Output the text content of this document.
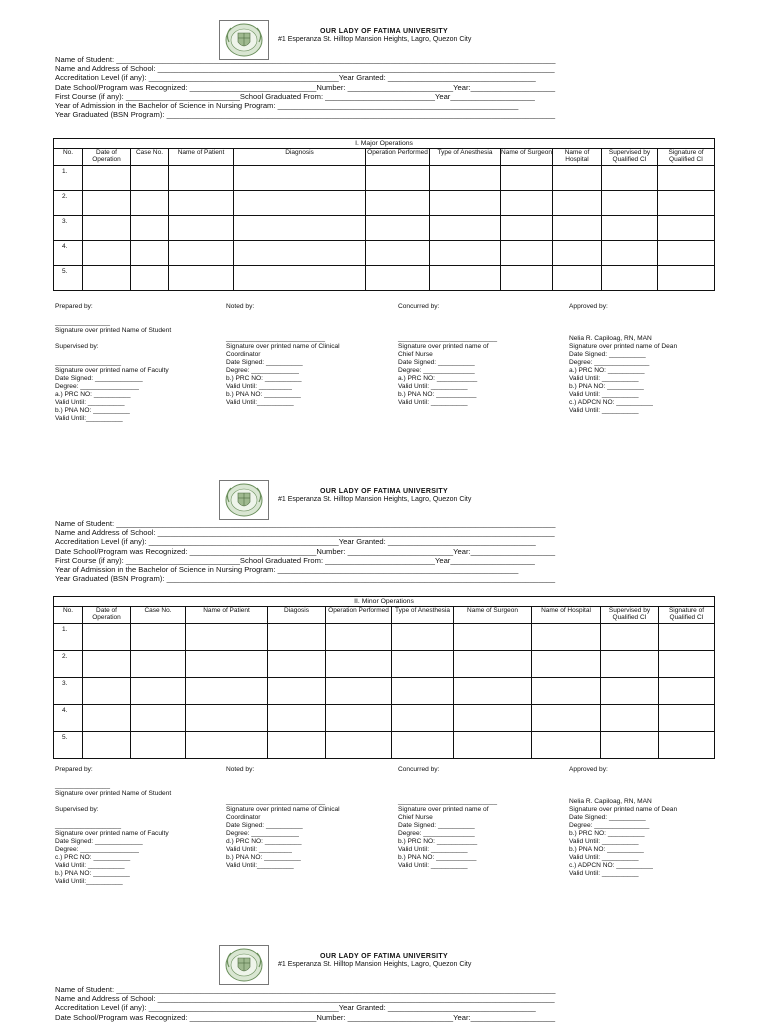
OUR LADY OF FATIMA UNIVERSITY
#1 Esperanza St. Hilltop Mansion Heights, Lagro, Quezon City
Name of Student: ________________________________________________________________________________________________________
Name and Address of School: ______________________________________________________________________________________________
Accreditation Level (if any): _____________________________________________Year Granted: ___________________________________
Date School/Program was Recognized: ______________________________Number: _________________________Year:____________________
First Course (if any): ___________________________School Graduated From: __________________________Year____________________
Year of Admission in the Bachelor of Science in Nursing Program: _________________________________________________________
Year Graduated (BSN Program): ____________________________________________________________________________________________
I. Major Operations										
No.	Date of Operation	Case No.	Name of Patient	Diagnosis	Operation Performed	Type of Anesthesia	Name of Surgeon	Name of Hospital	Supervised by Qualified CI	Signature of Qualified CI
1.										
2.										
3.										
4.										
5.										
Prepared by:
_______________
Signature over printed Name of Student
Supervised by:
__________________
Signature over printed name of Faculty
Date Signed: _____________
Degree: ________________
a.) PRC NO: __________
Valid Until: __________
b.) PNA NO: __________
Valid Until:__________
Noted by:
___________________________
Signature over printed name of Clinical
Coordinator
Date Signed: __________
Degree: _____________
b.) PRC NO: __________
Valid Until: _________
b.) PNA NO: __________
Valid Until:__________
Concurred by:
___________________________
Signature over printed name of
Chief Nurse
Date Signed: __________
Degree: ______________
a.) PRC NO: ___________
Valid Until: __________
b.) PNA NO: ___________
Valid Until: __________
Approved by:
Nelia R. Capiloag, RN, MAN
Signature over printed name of Dean
Date Signed: __________
Degree: _______________
a.) PRC NO: __________
Valid Until: __________
b.) PNA NO: __________
Valid Until: __________
c.) ADPCN NO: __________
Valid Until: __________
OUR LADY OF FATIMA UNIVERSITY
#1 Esperanza St. Hilltop Mansion Heights, Lagro, Quezon City
Name of Student: ________________________________________________________________________________________________________
Name and Address of School: ______________________________________________________________________________________________
Accreditation Level (if any): _____________________________________________Year Granted: ___________________________________
Date School/Program was Recognized: ______________________________Number: _________________________Year:____________________
First Course (if any): ___________________________School Graduated From: __________________________Year____________________
Year of Admission in the Bachelor of Science in Nursing Program: _________________________________________________________
Year Graduated (BSN Program): ____________________________________________________________________________________________
II. Minor Operations										
No.	Date of Operation	Case No.	Name of Patient	Diagosis	Operation Performed	Type of Anesthesia	Name of Surgeon	Name of Hospital	Supervised by Qualified CI	Signature of Qualified CI
1.										
2.										
3.										
4.										
5.										
Prepared by:
_______________
Signature over printed Name of Student
Supervised by:
__________________
Signature over printed name of Faculty
Date Signed: _____________
Degree: ________________
c.) PRC NO: __________
Valid Until: __________
b.) PNA NO: __________
Valid Until:__________
Noted by:
___________________________
Signature over printed name of Clinical
Coordinator
Date Signed: __________
Degree: _____________
d.) PRC NO: __________
Valid Until: _________
b.) PNA NO: __________
Valid Until:__________
Concurred by:
___________________________
Signature over printed name of
Chief Nurse
Date Signed: __________
Degree: ______________
b.) PRC NO: ___________
Valid Until: __________
b.) PNA NO: ___________
Valid Until: __________
Approved by:
Nelia R. Capiloag, RN, MAN
Signature over printed name of Dean
Date Signed: __________
Degree: _______________
b.) PRC NO: __________
Valid Until: __________
b.) PNA NO: __________
Valid Until: __________
c.) ADPCN NO: __________
Valid Until: __________
OUR LADY OF FATIMA UNIVERSITY
#1 Esperanza St. Hilltop Mansion Heights, Lagro, Quezon City
Name of Student: ________________________________________________________________________________________________________
Name and Address of School: ______________________________________________________________________________________________
Accreditation Level (if any): _____________________________________________Year Granted: ___________________________________
Date School/Program was Recognized: ______________________________Number: _________________________Year:____________________
